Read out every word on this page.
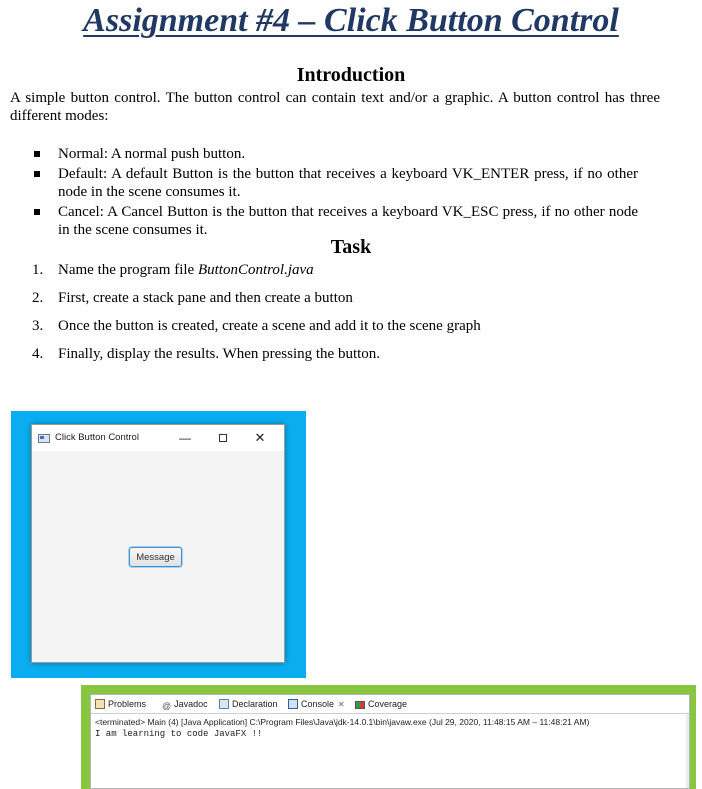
Assignment #4 – Click Button Control
Introduction
A simple button control. The button control can contain text and/or a graphic. A button control has three different modes:
Normal: A normal push button.
Default: A default Button is the button that receives a keyboard VK_ENTER press, if no other node in the scene consumes it.
Cancel: A Cancel Button is the button that receives a keyboard VK_ESC press, if no other node in the scene consumes it.
Task
1. Name the program file ButtonControl.java
2. First, create a stack pane and then create a button
3. Once the button is created, create a scene and add it to the scene graph
4. Finally, display the results. When pressing the button.
Click Button Control	—	✕
Message
Problems @ Javadoc	Declaration	Console ✕	Coverage
<terminated> Main (4) [Java Application] C:\Program Files\Java\jdk-14.0.1\bin\javaw.exe (Jul 29, 2020, 11:48:15 AM – 11:48:21 AM)
I am learning to code JavaFX !!
